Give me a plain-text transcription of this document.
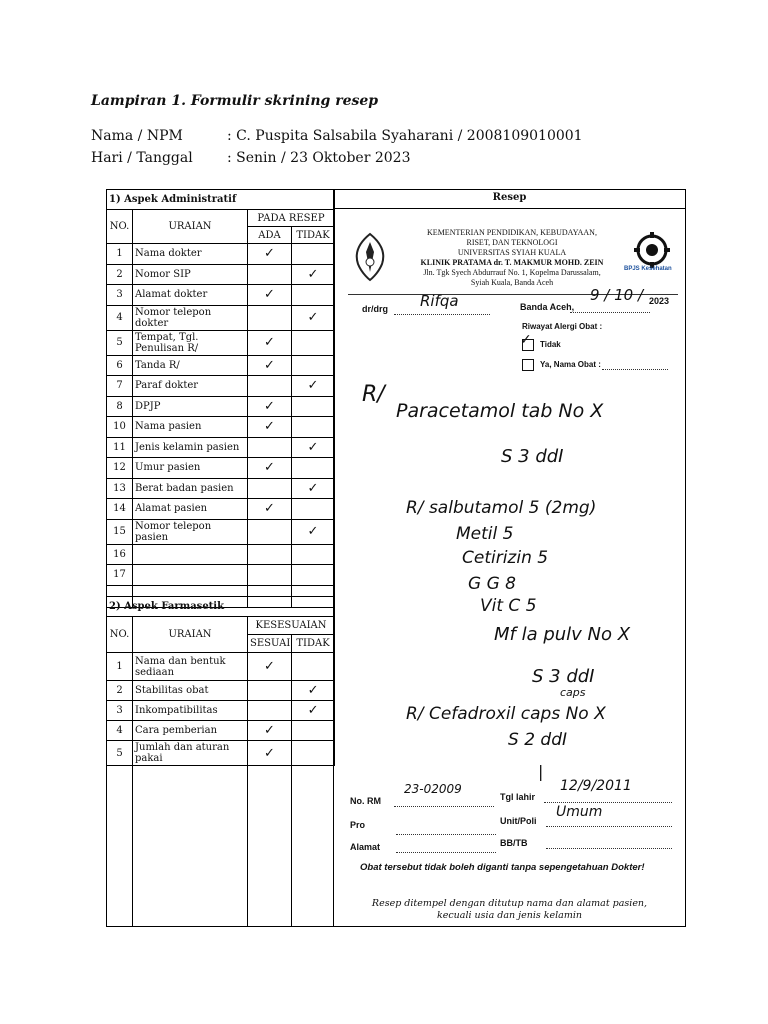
Lampiran 1. Formulir skrining resep
Nama / NPM	: C. Puspita Salsabila Syaharani / 2008109010001
Hari / Tanggal : Senin / 23 Oktober 2023
1) Aspek Administratif			
NO.	URAIAN	PADA RESEP	
		ADA	TIDAK
1	Nama dokter	✓	
2	Nomor SIP		✓
3	Alamat dokter	✓	
4	Nomor telepon dokter		✓
5	Tempat, Tgl. Penulisan R/	✓	
6	Tanda R/	✓	
7	Paraf dokter		✓
8	DPJP	✓	
10	Nama pasien	✓	
11	Jenis kelamin pasien		✓
12	Umur pasien	✓	
13	Berat badan pasien		✓
14	Alamat pasien	✓	
15	Nomor telepon pasien		✓
16			
17			

2) Aspek Farmasetik			
NO.	URAIAN	KESESUAIAN	
		SESUAI	TIDAK
1	Nama dan bentuk sediaan	✓	
2	Stabilitas obat		✓
3	Inkompatibilitas		✓
4	Cara pemberian	✓	
5	Jumlah dan aturan pakai	✓	
Resep
KEMENTERIAN PENDIDIKAN, KEBUDAYAAN,
RISET, DAN TEKNOLOGI
UNIVERSITAS SYIAH KUALA
KLINIK PRATAMA dr. T. MAKMUR MOHD. ZEIN
Jln. Tgk Syech Abdurrauf No. 1, Kopelma Darussalam,
Syiah Kuala, Banda Aceh
BPJS Kesehatan
dr/drg Rifqa	Banda Aceh,
9 / 10 / 2023
Riwayat Alergi Obat :
✓ Tidak
Ya, Nama Obat :
R/
Paracetamol tab No X
S 3 ddI
R/ salbutamol 5 (2mg)
Metil 5
Cetirizin 5
G G 8
Vit C 5
Mf la pulv No X
S 3 ddI
caps
R/ Cefadroxil caps No X
S 2 ddI
|
No. RM
23-02009
Tgl lahir
12/9/2011
Pro	Unit/Poli
Umum
Alamat	BB/TB
Obat tersebut tidak boleh diganti tanpa sepengetahuan Dokter!
Resep ditempel dengan ditutup nama dan alamat pasien,
kecuali usia dan jenis kelamin
